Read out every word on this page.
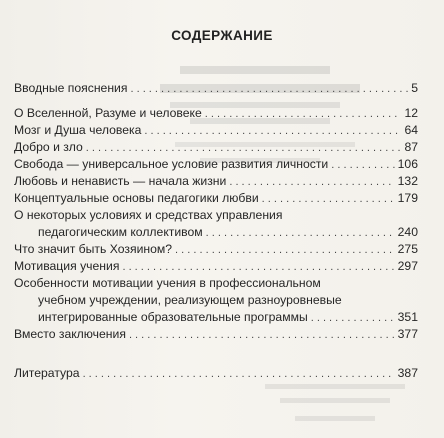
СОДЕРЖАНИЕ
Вводные пояснения . . .	5
О Вселенной, Разуме и человеке . . .	12
Мозг и Душа человека . . .	64
Добро и зло . . .	87
Свобода — универсальное условие развития личности . . .	106
Любовь и ненависть — начала жизни . . .	132
Концептуальные основы педагогики любви . . .	179
О некоторых условиях и средствах управления
педагогическим коллективом . . .	240
Что значит быть Хозяином? . . .	275
Мотивация учения . . .	297
Особенности мотивации учения в профессиональном
учебном учреждении, реализующем разноуровневые
интегрированные образовательные программы . . .	351
Вместо заключения . . .	377
Литература . . .	387
